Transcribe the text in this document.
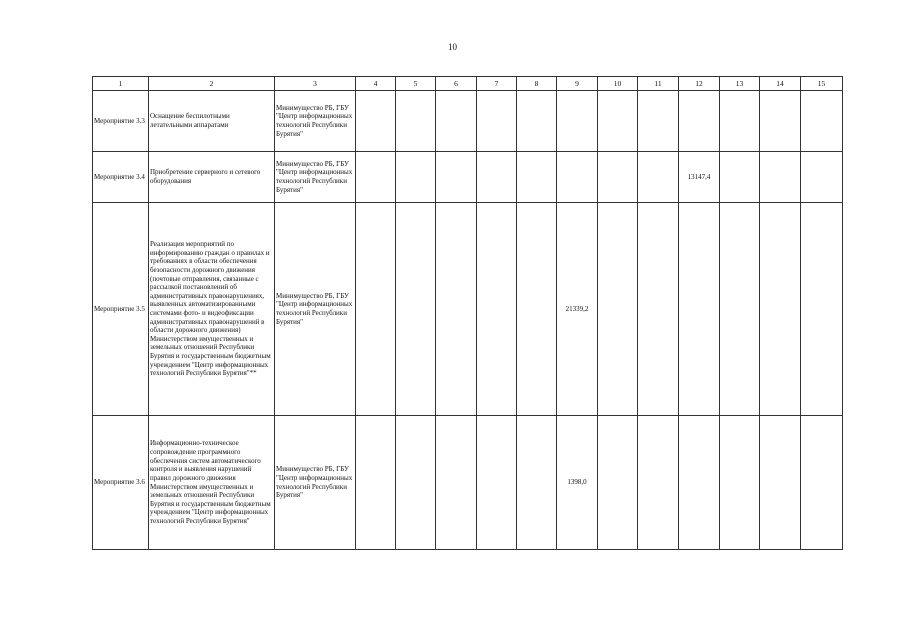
10
1	2	3	4	5	6	7	8	9	10	11	12	13	14	15
Мероприятие 3.3	Оснащение беспилотными летательными аппаратами	Минимущество РБ, ГБУ "Центр информационных технологий Республики Бурятия"												
Мероприятие 3.4	Приобретение серверного и сетевого оборудования	Минимущество РБ, ГБУ "Центр информационных технологий Республики Бурятия"									13147,4			
Мероприятие 3.5	Реализация мероприятий по информированию граждан о правилах и требованиях в области обеспечения безопасности дорожного движения (почтовые отправления, связанные с рассылкой постановлений об административных правонарушениях, выявленных автоматизированными системами фото- и видеофиксации административных правонарушений в области дорожного движения) Министерством имущественных и земельных отношений Республики Бурятия и государственным бюджетным учреждением "Центр информационных технологий Республики Бурятия"**	Минимущество РБ, ГБУ "Центр информационных технологий Республики Бурятия"						21339,2						
Мероприятие 3.6	Информационно-техническое сопровождение программного обеспечения систем автоматического контроля и выявления нарушений правил дорожного движения Министерством имущественных и земельных отношений Республики Бурятия и государственным бюджетным учреждением "Центр информационных технологий Республики Бурятия"	Минимущество РБ, ГБУ "Центр информационных технологий Республики Бурятия"						1398,0						
